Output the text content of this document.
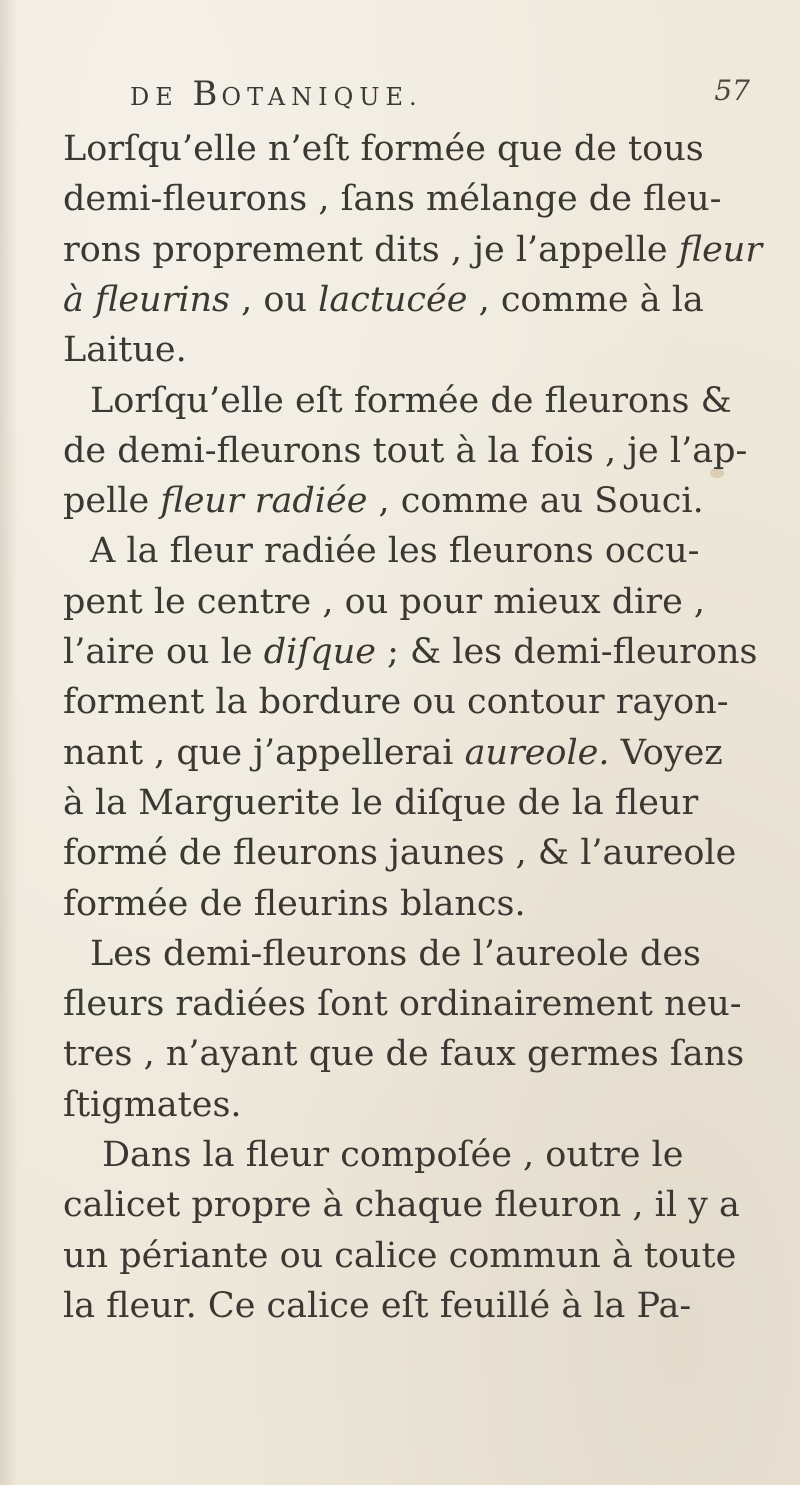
DE BOTANIQUE.	57
Lorſqu’elle n’eſt formée que de tous
demi-fleurons , ſans mélange de fleu-
rons proprement dits , je l’appelle fleur
à fleurins , ou lactucée , comme à la
Laitue.
Lorſqu’elle eſt formée de fleurons &
de demi-fleurons tout à la fois , je l’ap-
pelle fleur radiée , comme au Souci.
A la fleur radiée les fleurons occu-
pent le centre , ou pour mieux dire ,
l’aire ou le diſque ; & les demi-fleurons
forment la bordure ou contour rayon-
nant , que j’appellerai aureole. Voyez
à la Marguerite le diſque de la fleur
formé de fleurons jaunes , & l’aureole
formée de fleurins blancs.
Les demi-fleurons de l’aureole des
fleurs radiées ſont ordinairement neu-
tres , n’ayant que de faux germes ſans
ſtigmates.
Dans la fleur compoſée , outre le
calicet propre à chaque fleuron , il y a
un périante ou calice commun à toute
la fleur. Ce calice eſt feuillé à la Pa-
